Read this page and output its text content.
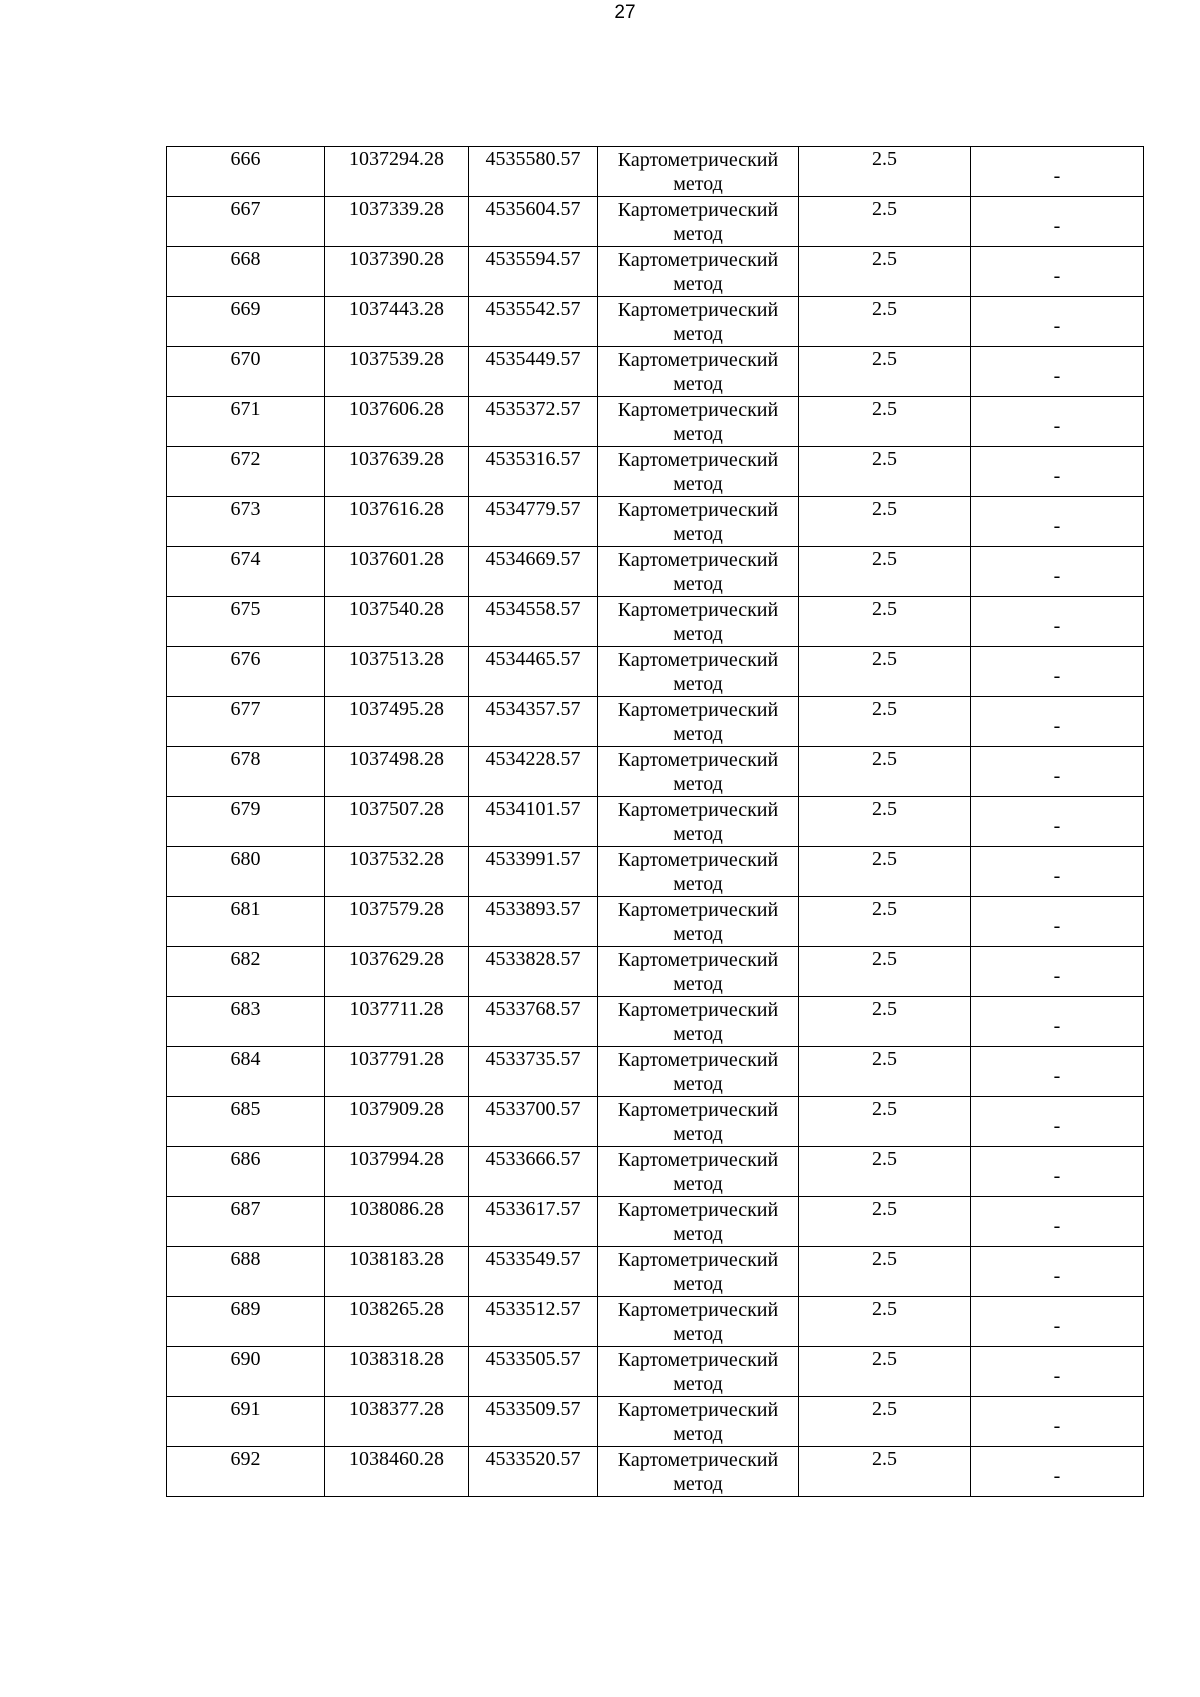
27
666	1037294.28	4535580.57	Картометрический
метод	2.5	-
667	1037339.28	4535604.57	Картометрический
метод	2.5	-
668	1037390.28	4535594.57	Картометрический
метод	2.5	-
669	1037443.28	4535542.57	Картометрический
метод	2.5	-
670	1037539.28	4535449.57	Картометрический
метод	2.5	-
671	1037606.28	4535372.57	Картометрический
метод	2.5	-
672	1037639.28	4535316.57	Картометрический
метод	2.5	-
673	1037616.28	4534779.57	Картометрический
метод	2.5	-
674	1037601.28	4534669.57	Картометрический
метод	2.5	-
675	1037540.28	4534558.57	Картометрический
метод	2.5	-
676	1037513.28	4534465.57	Картометрический
метод	2.5	-
677	1037495.28	4534357.57	Картометрический
метод	2.5	-
678	1037498.28	4534228.57	Картометрический
метод	2.5	-
679	1037507.28	4534101.57	Картометрический
метод	2.5	-
680	1037532.28	4533991.57	Картометрический
метод	2.5	-
681	1037579.28	4533893.57	Картометрический
метод	2.5	-
682	1037629.28	4533828.57	Картометрический
метод	2.5	-
683	1037711.28	4533768.57	Картометрический
метод	2.5	-
684	1037791.28	4533735.57	Картометрический
метод	2.5	-
685	1037909.28	4533700.57	Картометрический
метод	2.5	-
686	1037994.28	4533666.57	Картометрический
метод	2.5	-
687	1038086.28	4533617.57	Картометрический
метод	2.5	-
688	1038183.28	4533549.57	Картометрический
метод	2.5	-
689	1038265.28	4533512.57	Картометрический
метод	2.5	-
690	1038318.28	4533505.57	Картометрический
метод	2.5	-
691	1038377.28	4533509.57	Картометрический
метод	2.5	-
692	1038460.28	4533520.57	Картометрический
метод	2.5	-
